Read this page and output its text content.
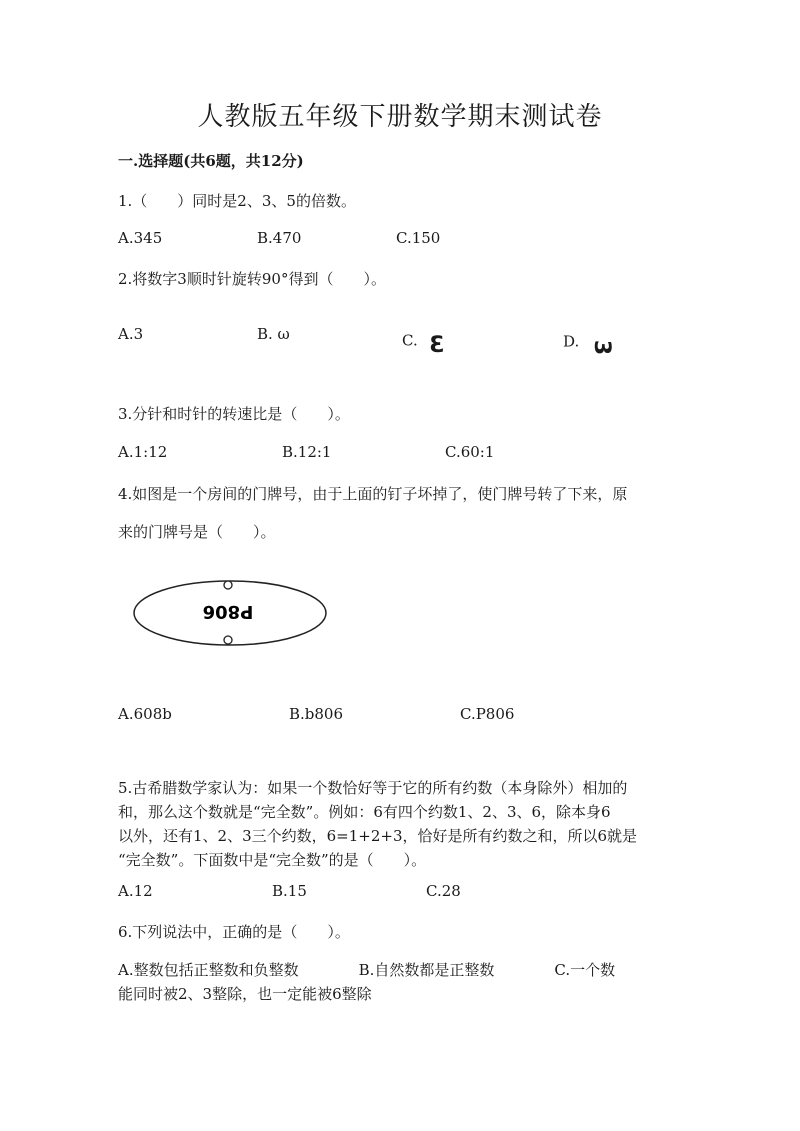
人教版五年级下册数学期末测试卷
一.选择题(共6题，共12分)
1.（　　）同时是2、3、5的倍数。
A.345	B.470	C.150
2.将数字3顺时针旋转90°得到（　　）。
A.3	B. ω	C. 3	D. 3
3.分针和时针的转速比是（　　）。
A.1:12	B.12:1	C.60:1
4.如图是一个房间的门牌号，由于上面的钉子坏掉了，使门牌号转了下来，原
来的门牌号是（　　）。
P806
A.608b	B.b806	C.P806
5.古希腊数学家认为：如果一个数恰好等于它的所有约数（本身除外）相加的
和，那么这个数就是“完全数”。例如：6有四个约数1、2、3、6，除本身6
以外，还有1、2、3三个约数，6=1+2+3，恰好是所有约数之和，所以6就是
“完全数”。下面数中是“完全数”的是（　　）。
A.12	B.15	C.28
6.下列说法中，正确的是（　　）。
A.整数包括正整数和负整数　　　　B.自然数都是正整数　　　　C.一个数
能同时被2、3整除，也一定能被6整除
